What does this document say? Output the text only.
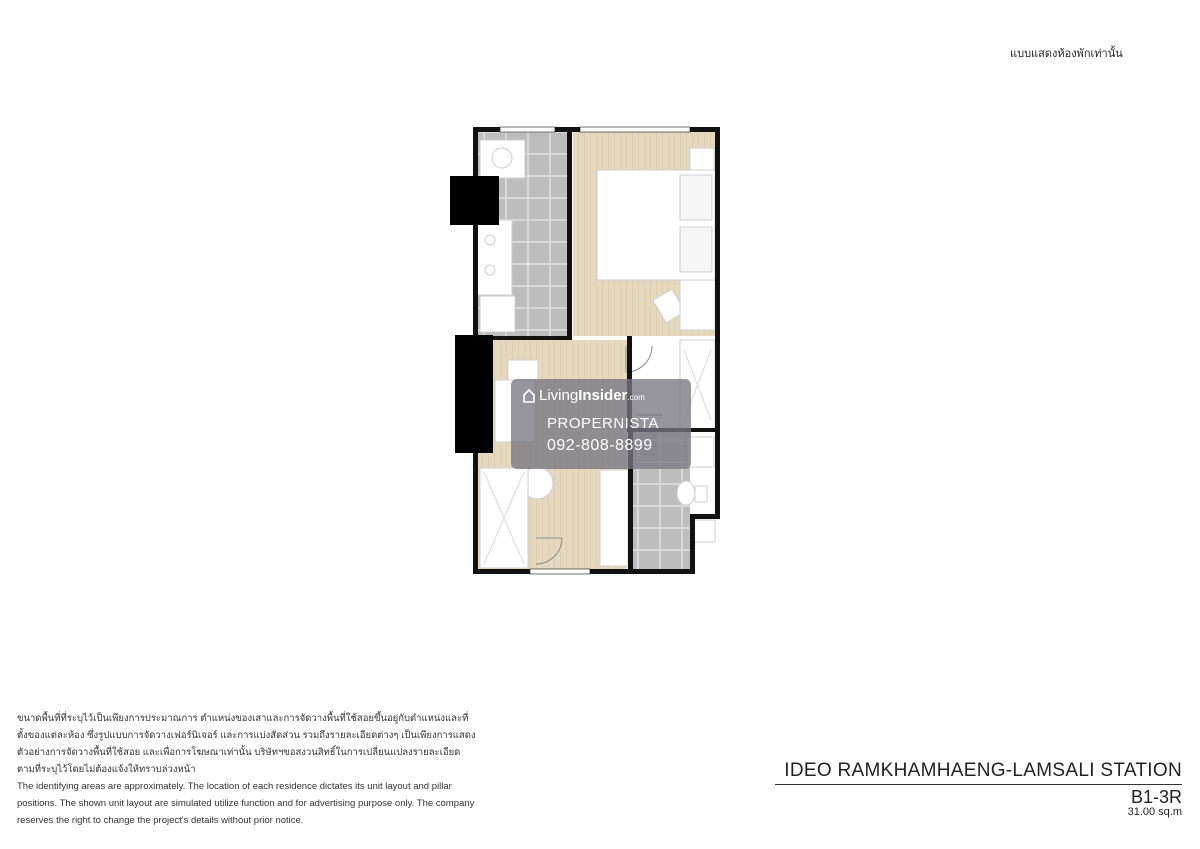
แบบแสดงห้องพักเท่านั้น
LivingInsider.com
PROPERNISTA
092-808-8899

ขนาดพื้นที่ที่ระบุไว้เป็นเพียงการประมาณการ ตำแหน่งของเสาและการจัดวางพื้นที่ใช้สอยขึ้นอยู่กับตำแหน่งและที่ตั้งของแต่ละห้อง ซึ่งรูปแบบการจัดวางเฟอร์นิเจอร์ และการแบ่งสัดส่วน รวมถึงรายละเอียดต่างๆ เป็นเพียงการแสดงตัวอย่างการจัดวางพื้นที่ใช้สอย และเพื่อการโฆษณาเท่านั้น บริษัทฯขอสงวนสิทธิ์ในการเปลี่ยนแปลงรายละเอียดตามที่ระบุไว้โดยไม่ต้องแจ้งให้ทราบล่วงหน้า

The identifying areas are approximately. The location of each residence dictates its unit layout and pillar positions. The shown unit layout are simulated utilize function and for advertising purpose only. The company reserves the right to change the project's details without prior notice.

IDEO RAMKHAMHAENG-LAMSALI STATION
B1-3R
31.00 sq.m
